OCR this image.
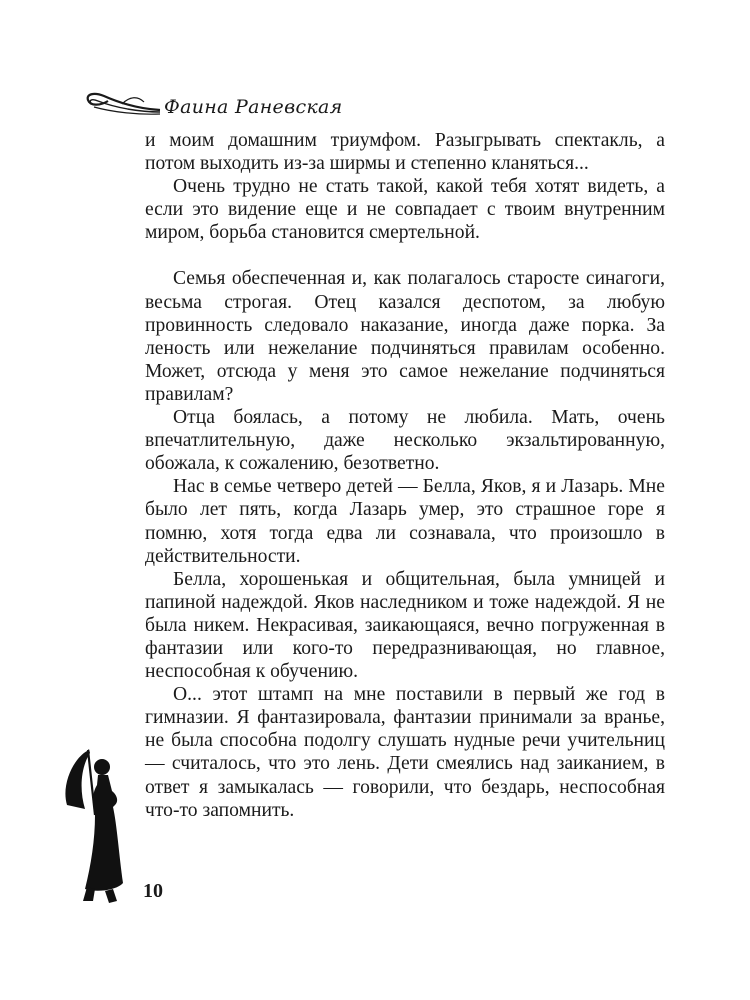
Фаина Раневская

и моим домашним триумфом. Разыгрывать спектакль, а потом выходить из-за ширмы и степенно кланяться...

Очень трудно не стать такой, какой тебя хотят видеть, а если это видение еще и не совпадает с твоим внутренним миром, борьба становится смертельной.

Семья обеспеченная и, как полагалось старосте синагоги, весьма строгая. Отец казался деспотом, за любую провинность следовало наказание, иногда даже порка. За леность или нежелание подчиняться правилам особенно. Может, отсюда у меня это самое нежелание подчиняться правилам?

Отца боялась, а потому не любила. Мать, очень впечатлительную, даже несколько экзальтированную, обожала, к сожалению, безответно.

Нас в семье четверо детей — Белла, Яков, я и Лазарь. Мне было лет пять, когда Лазарь умер, это страшное горе я помню, хотя тогда едва ли сознавала, что произошло в действительности.

Белла, хорошенькая и общительная, была умницей и папиной надеждой. Яков наследником и тоже надеждой. Я не была никем. Некрасивая, заикающаяся, вечно погруженная в фантазии или кого-то передразнивающая, но главное, неспособная к обучению.

О... этот штамп на мне поставили в первый же год в гимназии. Я фантазировала, фантазии принимали за вранье, не была способна подолгу слушать нудные речи учительниц — считалось, что это лень. Дети смеялись над заиканием, в ответ я замыкалась — говорили, что бездарь, неспособная что-то запомнить.

10
